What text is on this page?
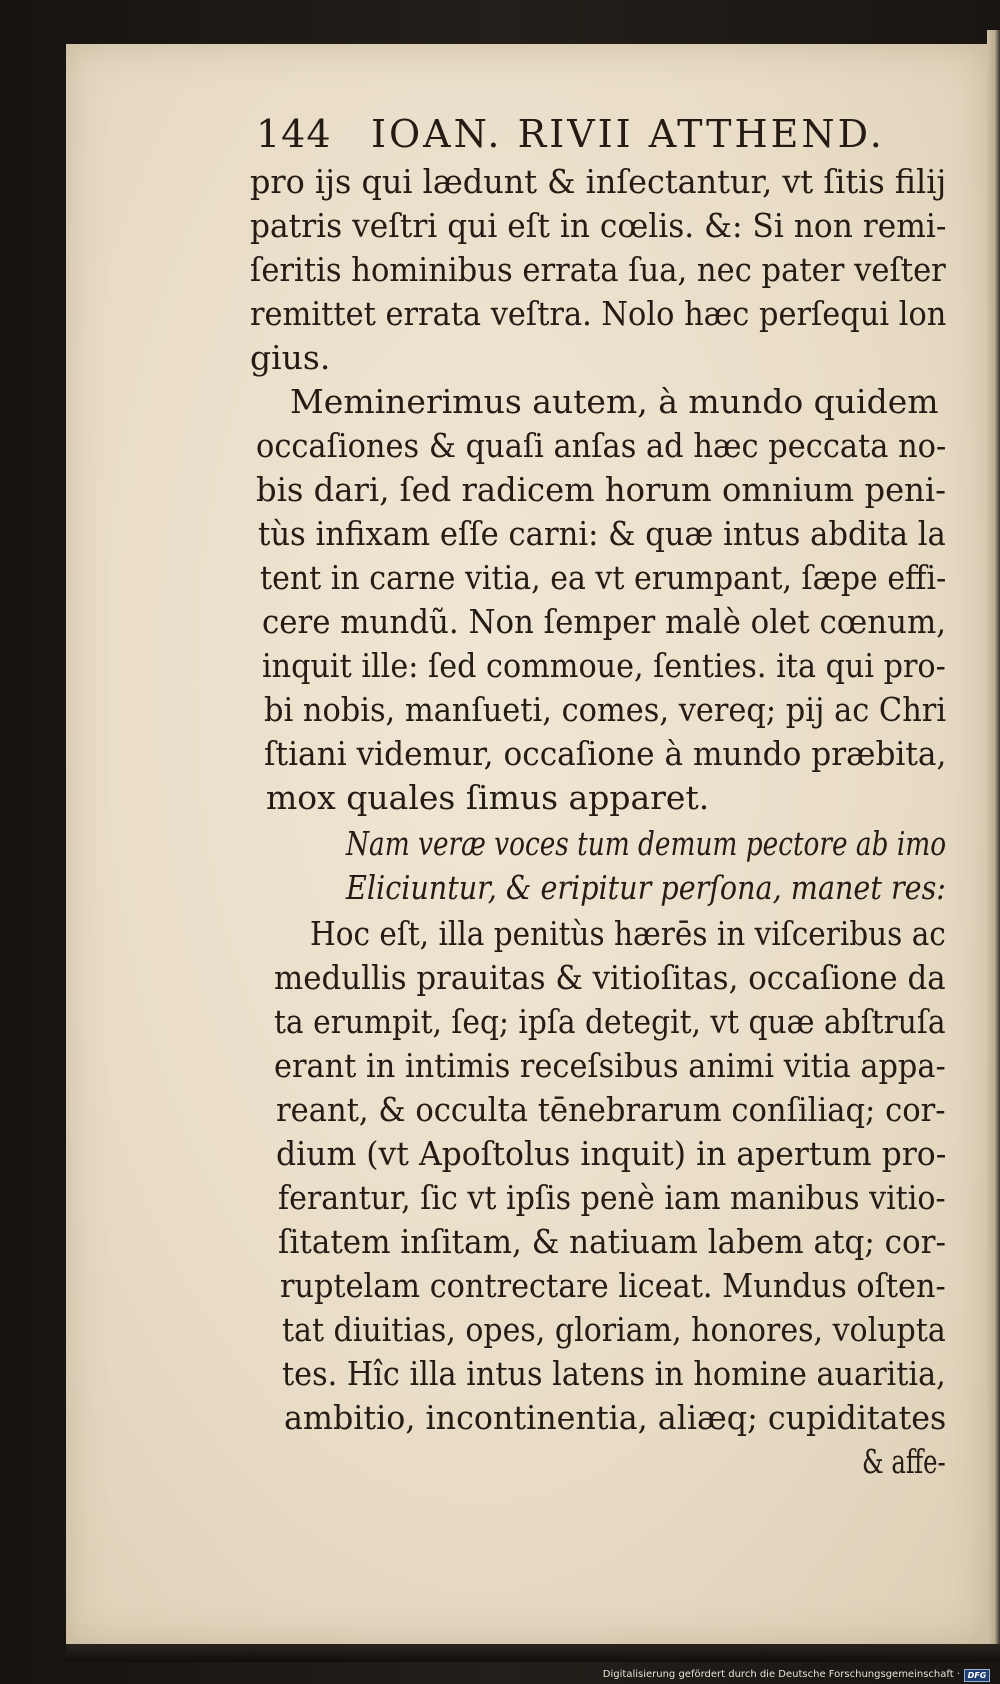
144 IOAN. RIVII ATTHEND.
pro ijs qui lædunt & inſectantur, vt ſitis filij
patris veſtri qui eſt in cœlis. &: Si non remi-
ſeritis hominibus errata ſua, nec pater veſter
remittet errata veſtra. Nolo hæc perſequi lon
gius.
Meminerimus autem, à mundo quidem
occaſiones & quaſi anſas ad hæc peccata no-
bis dari, ſed radicem horum omnium peni-
tùs infixam eſſe carni: & quæ intus abdita la
tent in carne vitia, ea vt erumpant, ſæpe effi-
cere mundũ. Non ſemper malè olet cœnum,
inquit ille: ſed commoue, ſenties. ita qui pro-
bi nobis, manſueti, comes, vereq; pij ac Chri
ſtiani videmur, occaſione à mundo præbita,
mox quales ſimus apparet.
Nam veræ voces tum demum pectore ab imo
Eliciuntur, & eripitur perſona, manet res:
Hoc eſt, illa penitùs hærēs in viſceribus ac
medullis prauitas & vitioſitas, occaſione da
ta erumpit, ſeq; ipſa detegit, vt quæ abſtruſa
erant in intimis receſsibus animi vitia appa-
reant, & occulta tēnebrarum conſiliaq; cor-
dium (vt Apoſtolus inquit) in apertum pro-
ferantur, ſic vt ipſis penè iam manibus vitio-
ſitatem inſitam, & natiuam labem atq; cor-
ruptelam contrectare liceat. Mundus oſten-
tat diuitias, opes, gloriam, honores, volupta
tes. Hîc illa intus latens in homine auaritia,
ambitio, incontinentia, aliæq; cupiditates
& affe-
Digitalisierung gefördert durch die Deutsche Forschungsgemeinschaft · DFG
